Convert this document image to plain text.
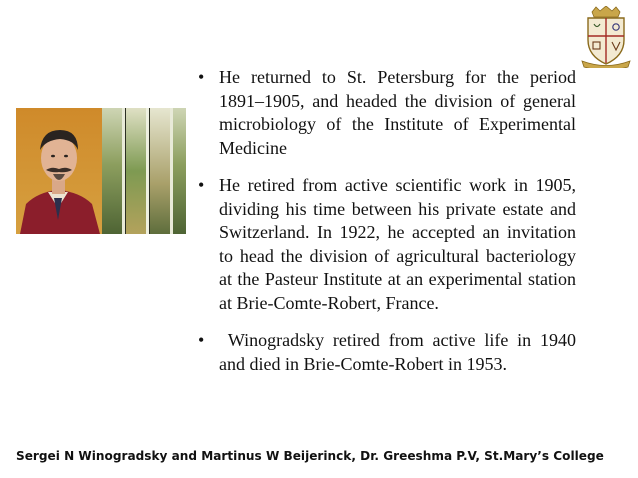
• He returned to St. Petersburg for the period 1891–1905, and headed the division of general microbiology of the Institute of Experimental Medicine
• He retired from active scientific work in 1905, dividing his time between his private estate and Switzerland. In 1922, he accepted an invitation to head the division of agricultural bacteriology at the Pasteur Institute at an experimental station at Brie-Comte-Robert, France.
• Winogradsky retired from active life in 1940 and died in Brie-Comte-Robert in 1953.
Sergei N Winogradsky and Martinus W Beijerinck, Dr. Greeshma P.V, St.Mary’s College
